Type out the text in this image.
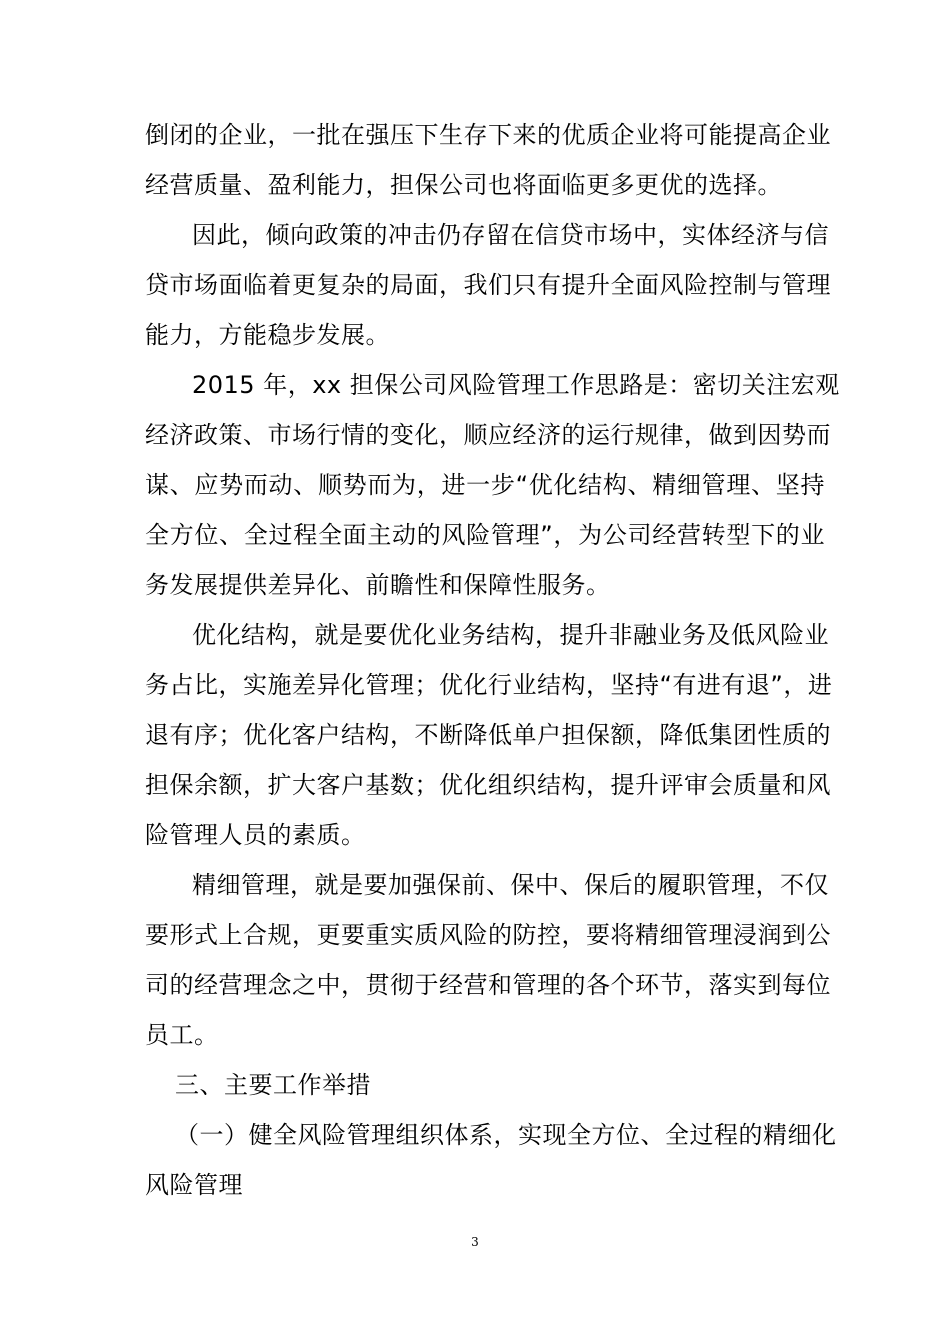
倒闭的企业，一批在强压下生存下来的优质企业将可能提高企业
经营质量、盈利能力，担保公司也将面临更多更优的选择。
因此，倾向政策的冲击仍存留在信贷市场中，实体经济与信
贷市场面临着更复杂的局面，我们只有提升全面风险控制与管理
能力，方能稳步发展。
2015 年，xx 担保公司风险管理工作思路是：密切关注宏观
经济政策、市场行情的变化，顺应经济的运行规律，做到因势而
谋、应势而动、顺势而为，进一步“优化结构、精细管理、坚持
全方位、全过程全面主动的风险管理”，为公司经营转型下的业
务发展提供差异化、前瞻性和保障性服务。
优化结构，就是要优化业务结构，提升非融业务及低风险业
务占比，实施差异化管理；优化行业结构，坚持“有进有退”，进
退有序；优化客户结构，不断降低单户担保额，降低集团性质的
担保余额，扩大客户基数；优化组织结构，提升评审会质量和风
险管理人员的素质。
精细管理，就是要加强保前、保中、保后的履职管理，不仅
要形式上合规，更要重实质风险的防控，要将精细管理浸润到公
司的经营理念之中，贯彻于经营和管理的各个环节，落实到每位
员工。
三、主要工作举措
（一）健全风险管理组织体系，实现全方位、全过程的精细化
风险管理
3
